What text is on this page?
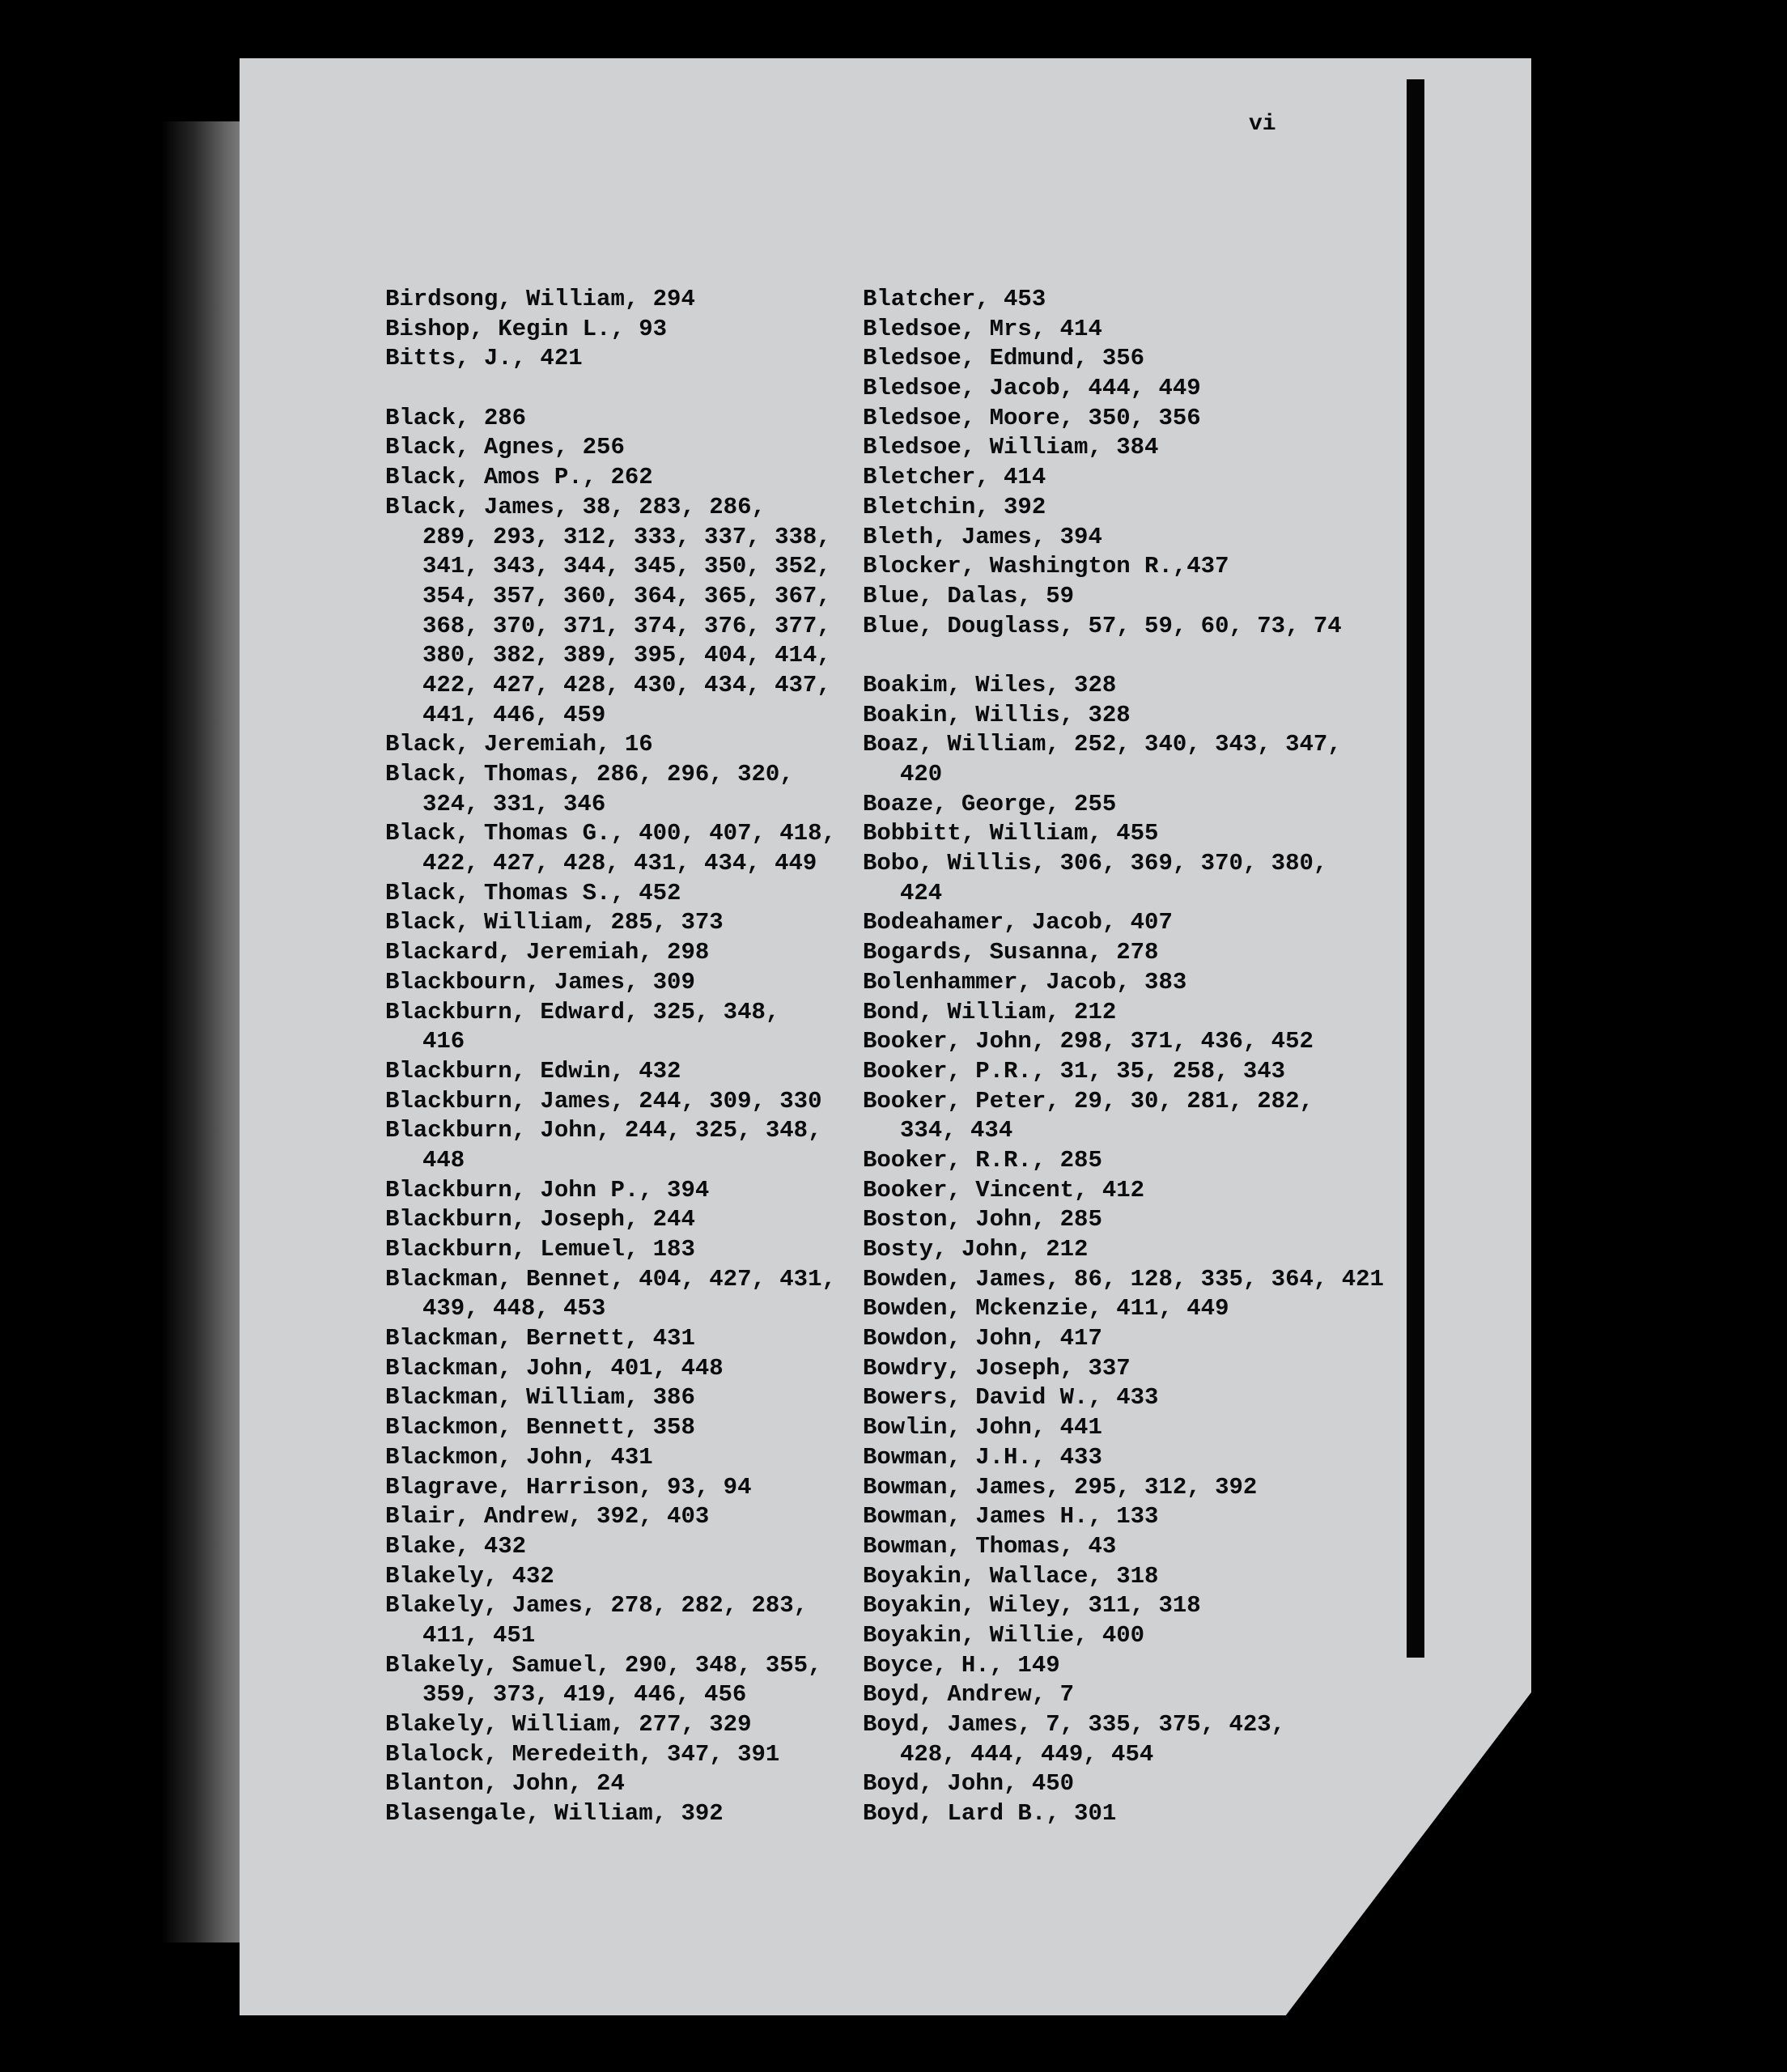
vi
Birdsong, William, 294
Bishop, Kegin L., 93
Bitts, J., 421
Black, 286
Black, Agnes, 256
Black, Amos P., 262
Black, James, 38, 283, 286,
289, 293, 312, 333, 337, 338,
341, 343, 344, 345, 350, 352,
354, 357, 360, 364, 365, 367,
368, 370, 371, 374, 376, 377,
380, 382, 389, 395, 404, 414,
422, 427, 428, 430, 434, 437,
441, 446, 459
Black, Jeremiah, 16
Black, Thomas, 286, 296, 320,
324, 331, 346
Black, Thomas G., 400, 407, 418,
422, 427, 428, 431, 434, 449
Black, Thomas S., 452
Black, William, 285, 373
Blackard, Jeremiah, 298
Blackbourn, James, 309
Blackburn, Edward, 325, 348,
416
Blackburn, Edwin, 432
Blackburn, James, 244, 309, 330
Blackburn, John, 244, 325, 348,
448
Blackburn, John P., 394
Blackburn, Joseph, 244
Blackburn, Lemuel, 183
Blackman, Bennet, 404, 427, 431,
439, 448, 453
Blackman, Bernett, 431
Blackman, John, 401, 448
Blackman, William, 386
Blackmon, Bennett, 358
Blackmon, John, 431
Blagrave, Harrison, 93, 94
Blair, Andrew, 392, 403
Blake, 432
Blakely, 432
Blakely, James, 278, 282, 283,
411, 451
Blakely, Samuel, 290, 348, 355,
359, 373, 419, 446, 456
Blakely, William, 277, 329
Blalock, Meredeith, 347, 391
Blanton, John, 24
Blasengale, William, 392
Blatcher, 453
Bledsoe, Mrs, 414
Bledsoe, Edmund, 356
Bledsoe, Jacob, 444, 449
Bledsoe, Moore, 350, 356
Bledsoe, William, 384
Bletcher, 414
Bletchin, 392
Bleth, James, 394
Blocker, Washington R.,437
Blue, Dalas, 59
Blue, Douglass, 57, 59, 60, 73, 74
Boakim, Wiles, 328
Boakin, Willis, 328
Boaz, William, 252, 340, 343, 347,
420
Boaze, George, 255
Bobbitt, William, 455
Bobo, Willis, 306, 369, 370, 380,
424
Bodeahamer, Jacob, 407
Bogards, Susanna, 278
Bolenhammer, Jacob, 383
Bond, William, 212
Booker, John, 298, 371, 436, 452
Booker, P.R., 31, 35, 258, 343
Booker, Peter, 29, 30, 281, 282,
334, 434
Booker, R.R., 285
Booker, Vincent, 412
Boston, John, 285
Bosty, John, 212
Bowden, James, 86, 128, 335, 364, 421
Bowden, Mckenzie, 411, 449
Bowdon, John, 417
Bowdry, Joseph, 337
Bowers, David W., 433
Bowlin, John, 441
Bowman, J.H., 433
Bowman, James, 295, 312, 392
Bowman, James H., 133
Bowman, Thomas, 43
Boyakin, Wallace, 318
Boyakin, Wiley, 311, 318
Boyakin, Willie, 400
Boyce, H., 149
Boyd, Andrew, 7
Boyd, James, 7, 335, 375, 423,
428, 444, 449, 454
Boyd, John, 450
Boyd, Lard B., 301
